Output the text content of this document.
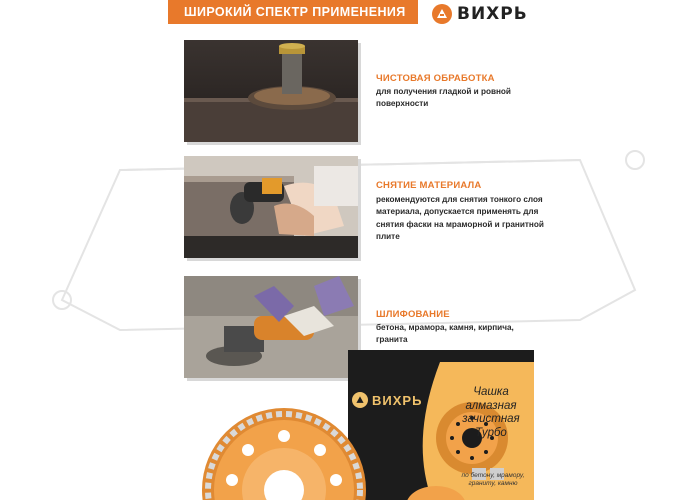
ШИРОКИЙ СПЕКТР ПРИМЕНЕНИЯ	ВИХРЬ
ЧИСТОВАЯ ОБРАБОТКА
для получения гладкой и ровной поверхности
СНЯТИЕ МАТЕРИАЛА
рекомендуются для снятия тонкого слоя материала, допускается применять для снятия фаски на мраморной и гранитной плите
ШЛИФОВАНИЕ
бетона, мрамора, камня, кирпича, гранита
ВИХРЬ
Чашка алмазная зачистная Турбо
по бетону, мрамору, граниту, камню
